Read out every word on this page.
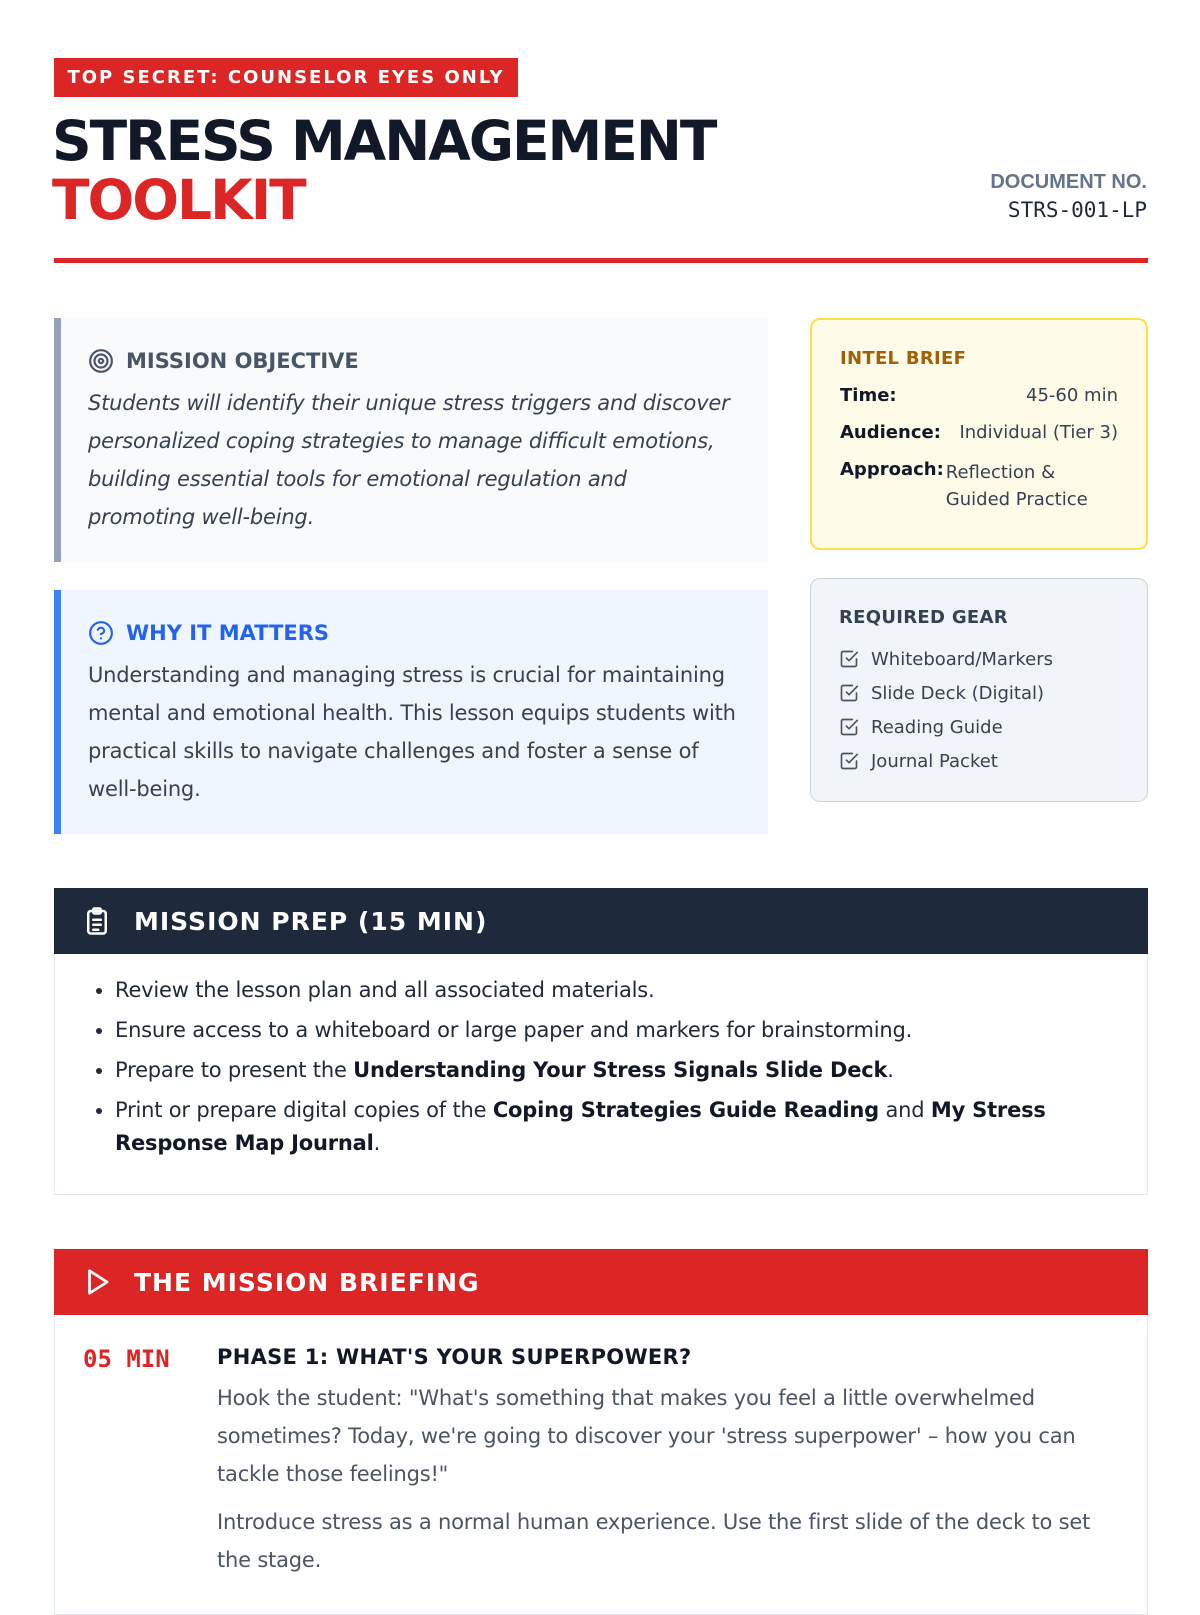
TOP SECRET: COUNSELOR EYES ONLY
STRESS MANAGEMENT
TOOLKIT	DOCUMENT NO.
STRS-001-LP
MISSION OBJECTIVE
Students will identify their unique stress triggers and discover personalized coping strategies to manage difficult emotions, building essential tools for emotional regulation and promoting well-being.
WHY IT MATTERS
Understanding and managing stress is crucial for maintaining mental and emotional health. This lesson equips students with practical skills to navigate challenges and foster a sense of well-being.
INTEL BRIEF
Time:	45-60 min
Audience: Individual (Tier 3)
Approach: Reflection & Guided Practice
REQUIRED GEAR
Whiteboard/Markers
Slide Deck (Digital)
Reading Guide
Journal Packet
MISSION PREP (15 MIN)
• Review the lesson plan and all associated materials.
• Ensure access to a whiteboard or large paper and markers for brainstorming.
• Prepare to present the Understanding Your Stress Signals Slide Deck.
• Print or prepare digital copies of the Coping Strategies Guide Reading and My Stress Response Map Journal.
THE MISSION BRIEFING
05 MIN PHASE 1: WHAT'S YOUR SUPERPOWER?
Hook the student: "What's something that makes you feel a little overwhelmed sometimes? Today, we're going to discover your 'stress superpower' – how you can tackle those feelings!"
Introduce stress as a normal human experience. Use the first slide of the deck to set the stage.
